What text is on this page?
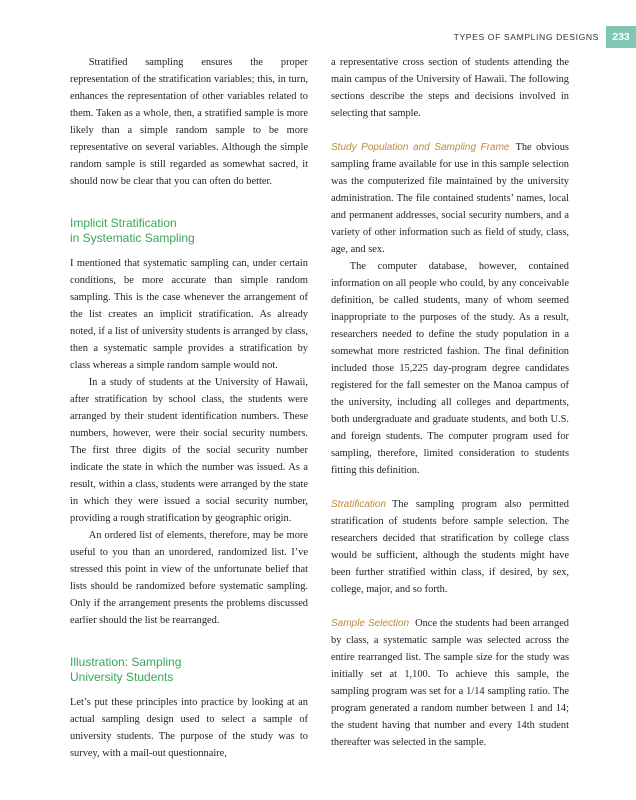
TYPES OF SAMPLING DESIGNS	233

Stratified sampling ensures the proper representation of the stratification variables; this, in turn, enhances the representation of other variables related to them. Taken as a whole, then, a stratified sample is more likely than a simple random sample to be more representative on several variables. Although the simple random sample is still regarded as somewhat sacred, it should now be clear that you can often do better.

Implicit Stratification
in Systematic Sampling

I mentioned that systematic sampling can, under certain conditions, be more accurate than simple random sampling. This is the case whenever the arrangement of the list creates an implicit stratification. As already noted, if a list of university students is arranged by class, then a systematic sample provides a stratification by class whereas a simple random sample would not.

In a study of students at the University of Hawaii, after stratification by school class, the students were arranged by their student identification numbers. These numbers, however, were their social security numbers. The first three digits of the social security number indicate the state in which the number was issued. As a result, within a class, students were arranged by the state in which they were issued a social security number, providing a rough stratification by geographic origin.

An ordered list of elements, therefore, may be more useful to you than an unordered, randomized list. I’ve stressed this point in view of the unfortunate belief that lists should be randomized before systematic sampling. Only if the arrangement presents the problems discussed earlier should the list be rearranged.

Illustration: Sampling
University Students

Let’s put these principles into practice by looking at an actual sampling design used to select a sample of university students. The purpose of the study was to survey, with a mail-out questionnaire,

a representative cross section of students attending the main campus of the University of Hawaii. The following sections describe the steps and decisions involved in selecting that sample.

Study Population and Sampling Frame The obvious sampling frame available for use in this sample selection was the computerized file maintained by the university administration. The file contained students’ names, local and permanent addresses, social security numbers, and a variety of other information such as field of study, class, age, and sex.

The computer database, however, contained information on all people who could, by any conceivable definition, be called students, many of whom seemed inappropriate to the purposes of the study. As a result, researchers needed to define the study population in a somewhat more restricted fashion. The final definition included those 15,225 day-program degree candidates registered for the fall semester on the Manoa campus of the university, including all colleges and departments, both undergraduate and graduate students, and both U.S. and foreign students. The computer program used for sampling, therefore, limited consideration to students fitting this definition.

Stratification The sampling program also permitted stratification of students before sample selection. The researchers decided that stratification by college class would be sufficient, although the students might have been further stratified within class, if desired, by sex, college, major, and so forth.

Sample Selection Once the students had been arranged by class, a systematic sample was selected across the entire rearranged list. The sample size for the study was initially set at 1,100. To achieve this sample, the sampling program was set for a 1/14 sampling ratio. The program generated a random number between 1 and 14; the student having that number and every 14th student thereafter was selected in the sample.
